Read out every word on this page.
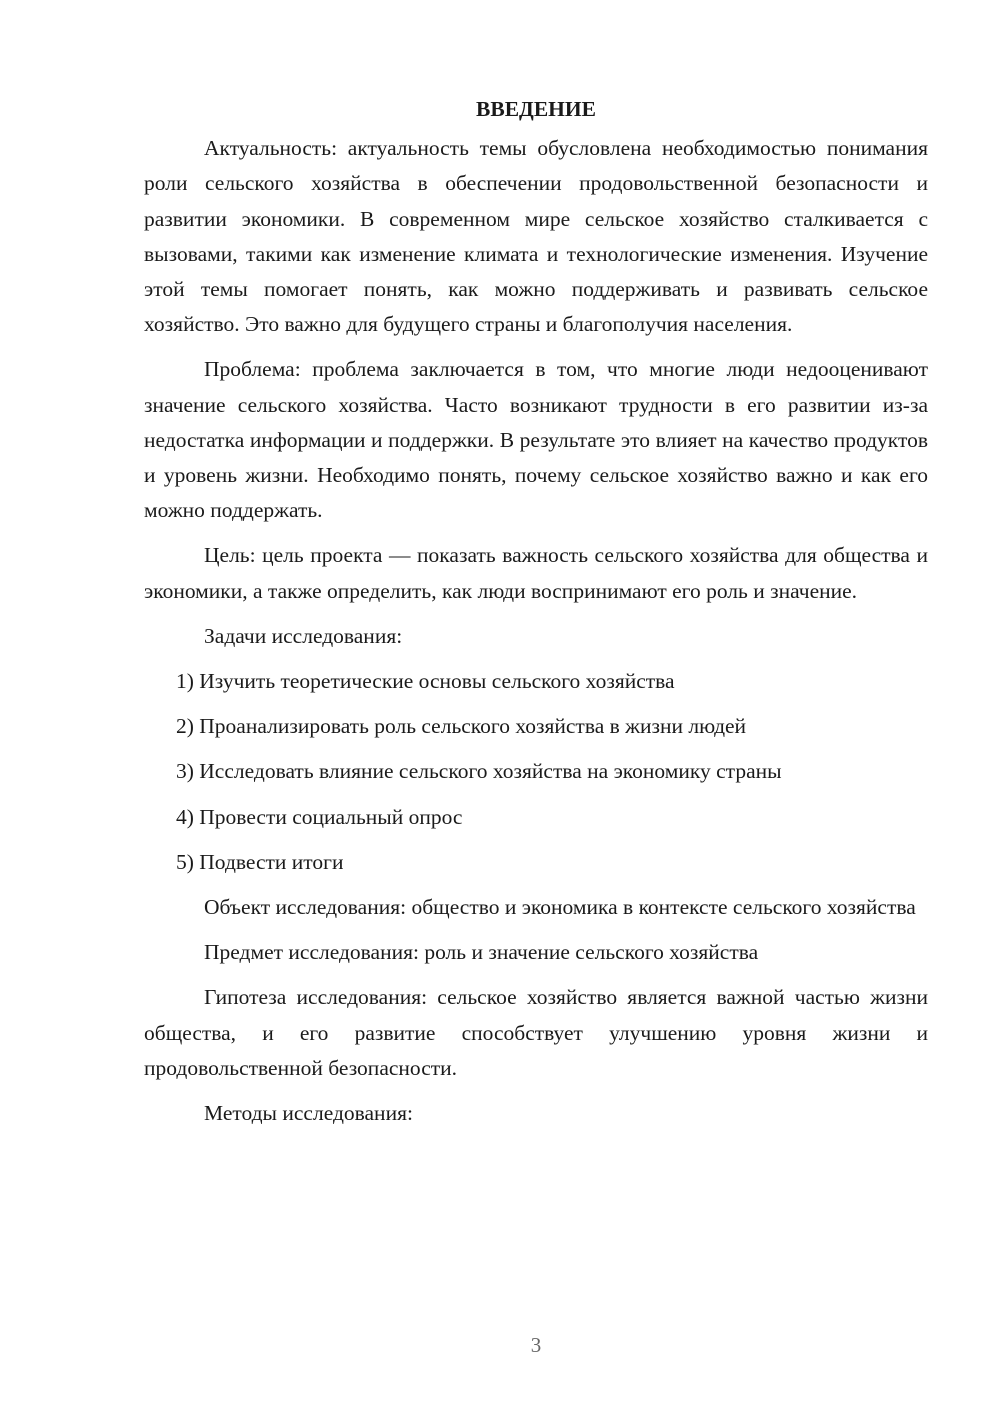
ВВЕДЕНИЕ

Актуальность: актуальность темы обусловлена необходимостью понимания роли сельского хозяйства в обеспечении продовольственной безопасности и развитии экономики. В современном мире сельское хозяйство сталкивается с вызовами, такими как изменение климата и технологические изменения. Изучение этой темы помогает понять, как можно поддерживать и развивать сельское хозяйство. Это важно для будущего страны и благополучия населения.

Проблема: проблема заключается в том, что многие люди недооценивают значение сельского хозяйства. Часто возникают трудности в его развитии из-за недостатка информации и поддержки. В результате это влияет на качество продуктов и уровень жизни. Необходимо понять, почему сельское хозяйство важно и как его можно поддержать.

Цель: цель проекта — показать важность сельского хозяйства для общества и экономики, а также определить, как люди воспринимают его роль и значение.

Задачи исследования:

1) Изучить теоретические основы сельского хозяйства

2) Проанализировать роль сельского хозяйства в жизни людей

3) Исследовать влияние сельского хозяйства на экономику страны

4) Провести социальный опрос

5) Подвести итоги

Объект исследования: общество и экономика в контексте сельского хозяйства

Предмет исследования: роль и значение сельского хозяйства

Гипотеза исследования: сельское хозяйство является важной частью жизни общества, и его развитие способствует улучшению уровня жизни и продовольственной безопасности.

Методы исследования:

3
